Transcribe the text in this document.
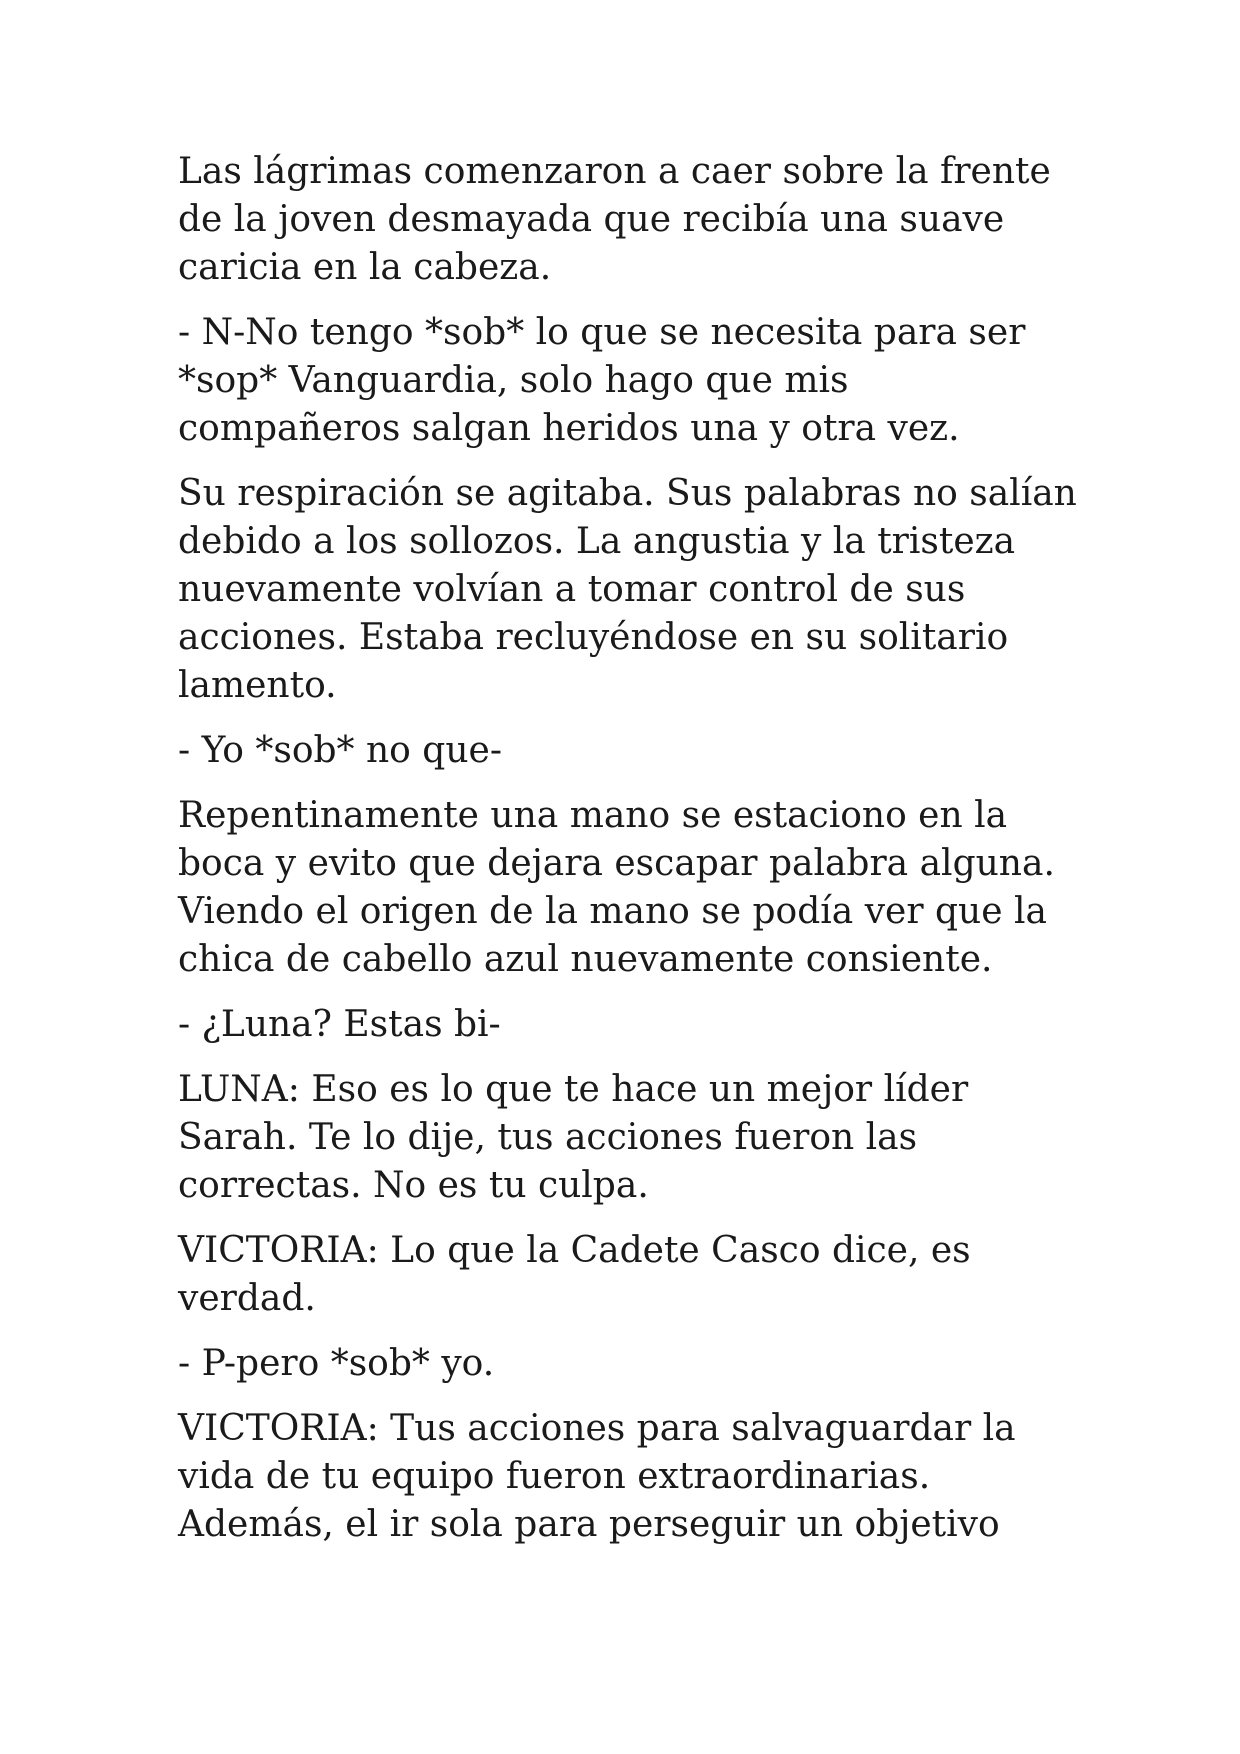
Las lágrimas comenzaron a caer sobre la frente
de la joven desmayada que recibía una suave
caricia en la cabeza.

- N-No tengo *sob* lo que se necesita para ser
*sop* Vanguardia, solo hago que mis
compañeros salgan heridos una y otra vez.

Su respiración se agitaba. Sus palabras no salían
debido a los sollozos. La angustia y la tristeza
nuevamente volvían a tomar control de sus
acciones. Estaba recluyéndose en su solitario
lamento.

- Yo *sob* no que-

Repentinamente una mano se estaciono en la
boca y evito que dejara escapar palabra alguna.
Viendo el origen de la mano se podía ver que la
chica de cabello azul nuevamente consiente.

- ¿Luna? Estas bi-

LUNA: Eso es lo que te hace un mejor líder
Sarah. Te lo dije, tus acciones fueron las
correctas. No es tu culpa.

VICTORIA: Lo que la Cadete Casco dice, es
verdad.

- P-pero *sob* yo.

VICTORIA: Tus acciones para salvaguardar la
vida de tu equipo fueron extraordinarias.
Además, el ir sola para perseguir un objetivo
